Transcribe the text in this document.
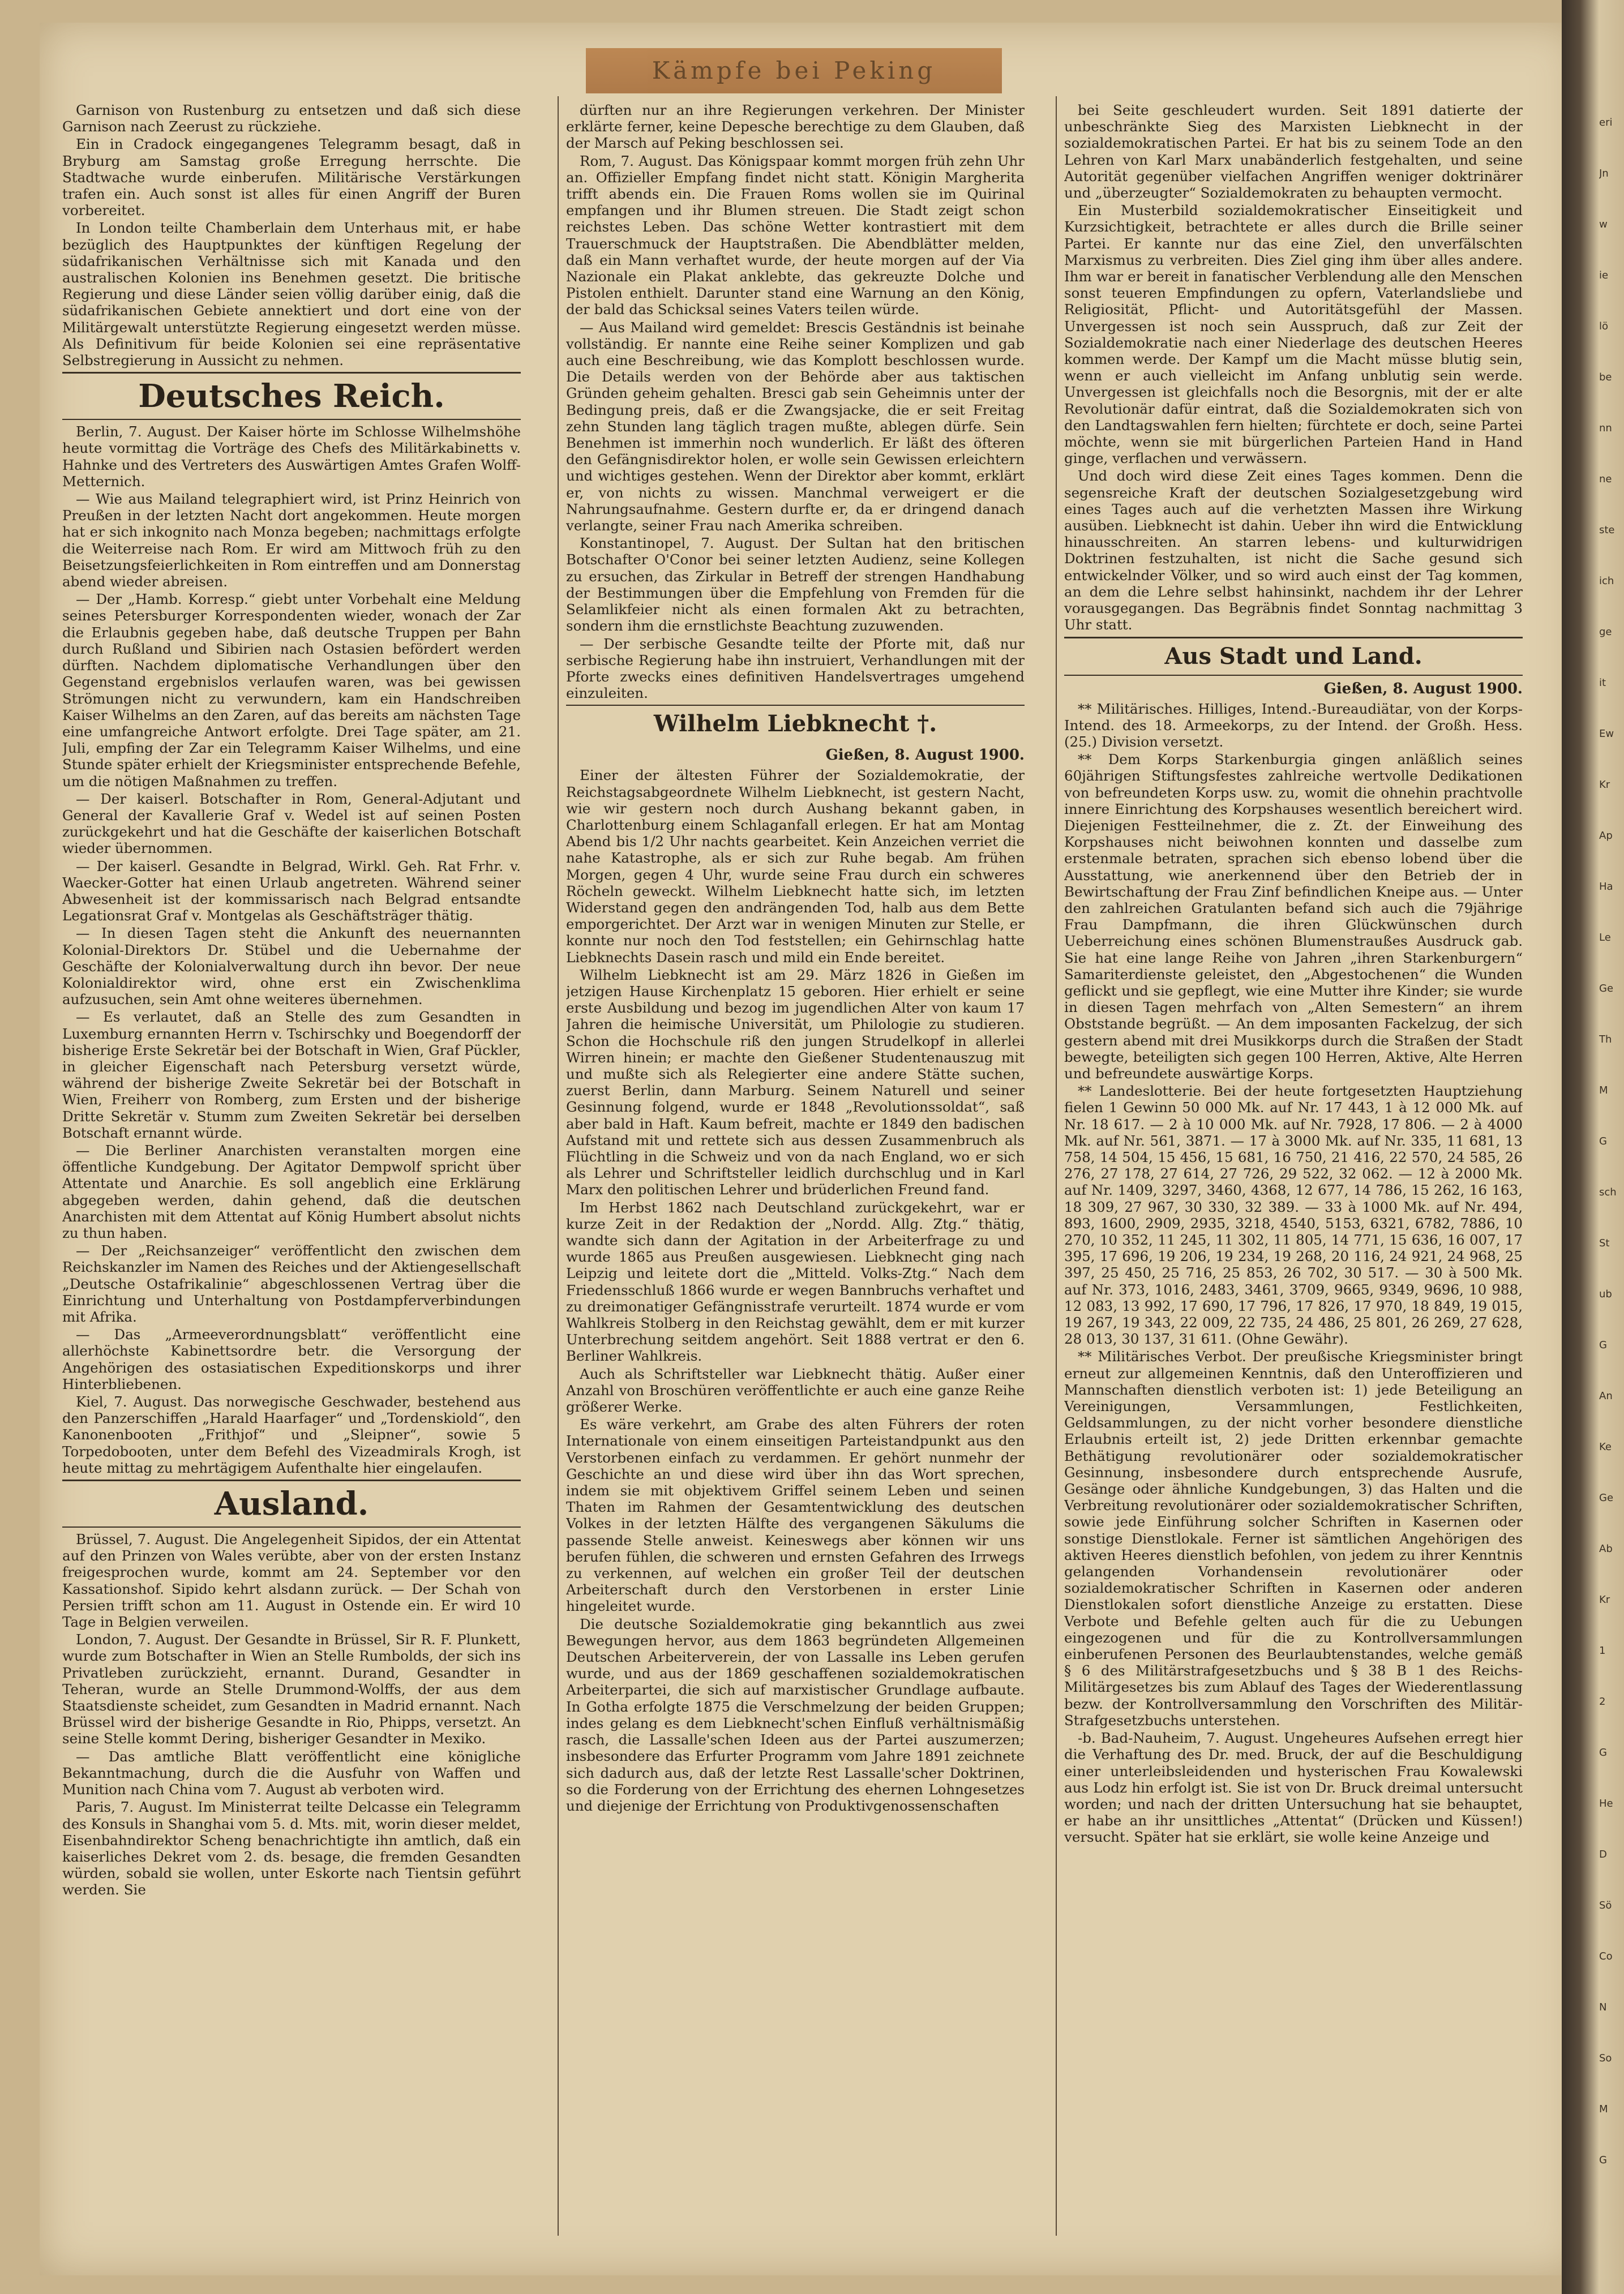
Kämpfe bei Peking

Garnison von Rustenburg zu entsetzen und daß sich diese Garnison nach Zeerust zu rückziehe.

Ein in Cradock eingegangenes Telegramm besagt, daß in Bryburg am Samstag große Erregung herrschte. Die Stadtwache wurde einberufen. Militärische Verstärkungen trafen ein. Auch sonst ist alles für einen Angriff der Buren vorbereitet.

In London teilte Chamberlain dem Unterhaus mit, er habe bezüglich des Hauptpunktes der künftigen Regelung der südafrikanischen Verhältnisse sich mit Kanada und den australischen Kolonien ins Benehmen gesetzt. Die britische Regierung und diese Länder seien völlig darüber einig, daß die südafrikanischen Gebiete annektiert und dort eine von der Militärgewalt unterstützte Regierung eingesetzt werden müsse. Als Definitivum für beide Kolonien sei eine repräsentative Selbstregierung in Aussicht zu nehmen.

Deutsches Reich.

Berlin, 7. August. Der Kaiser hörte im Schlosse Wilhelmshöhe heute vormittag die Vorträge des Chefs des Militärkabinetts v. Hahnke und des Vertreters des Auswärtigen Amtes Grafen Wolff-Metternich.

— Wie aus Mailand telegraphiert wird, ist Prinz Heinrich von Preußen in der letzten Nacht dort angekommen. Heute morgen hat er sich inkognito nach Monza begeben; nachmittags erfolgte die Weiterreise nach Rom. Er wird am Mittwoch früh zu den Beisetzungsfeierlichkeiten in Rom eintreffen und am Donnerstag abend wieder abreisen.

— Der „Hamb. Korresp.“ giebt unter Vorbehalt eine Meldung seines Petersburger Korrespondenten wieder, wonach der Zar die Erlaubnis gegeben habe, daß deutsche Truppen per Bahn durch Rußland und Sibirien nach Ostasien befördert werden dürften. Nachdem diplomatische Verhandlungen über den Gegenstand ergebnislos verlaufen waren, was bei gewissen Strömungen nicht zu verwundern, kam ein Handschreiben Kaiser Wilhelms an den Zaren, auf das bereits am nächsten Tage eine umfangreiche Antwort erfolgte. Drei Tage später, am 21. Juli, empfing der Zar ein Telegramm Kaiser Wilhelms, und eine Stunde später erhielt der Kriegsminister entsprechende Befehle, um die nötigen Maßnahmen zu treffen.

— Der kaiserl. Botschafter in Rom, General-Adjutant und General der Kavallerie Graf v. Wedel ist auf seinen Posten zurückgekehrt und hat die Geschäfte der kaiserlichen Botschaft wieder übernommen.

— Der kaiserl. Gesandte in Belgrad, Wirkl. Geh. Rat Frhr. v. Waecker-Gotter hat einen Urlaub angetreten. Während seiner Abwesenheit ist der kommissarisch nach Belgrad entsandte Legationsrat Graf v. Montgelas als Geschäftsträger thätig.

— In diesen Tagen steht die Ankunft des neuernannten Kolonial-Direktors Dr. Stübel und die Uebernahme der Geschäfte der Kolonialverwaltung durch ihn bevor. Der neue Kolonialdirektor wird, ohne erst ein Zwischenklima aufzusuchen, sein Amt ohne weiteres übernehmen.

— Es verlautet, daß an Stelle des zum Gesandten in Luxemburg ernannten Herrn v. Tschirschky und Boegendorff der bisherige Erste Sekretär bei der Botschaft in Wien, Graf Pückler, in gleicher Eigenschaft nach Petersburg versetzt würde, während der bisherige Zweite Sekretär bei der Botschaft in Wien, Freiherr von Romberg, zum Ersten und der bisherige Dritte Sekretär v. Stumm zum Zweiten Sekretär bei derselben Botschaft ernannt würde.

— Die Berliner Anarchisten veranstalten morgen eine öffentliche Kundgebung. Der Agitator Dempwolf spricht über Attentate und Anarchie. Es soll angeblich eine Erklärung abgegeben werden, dahin gehend, daß die deutschen Anarchisten mit dem Attentat auf König Humbert absolut nichts zu thun haben.

— Der „Reichsanzeiger“ veröffentlicht den zwischen dem Reichskanzler im Namen des Reiches und der Aktiengesellschaft „Deutsche Ostafrikalinie“ abgeschlossenen Vertrag über die Einrichtung und Unterhaltung von Postdampferverbindungen mit Afrika.

— Das „Armeeverordnungsblatt“ veröffentlicht eine allerhöchste Kabinettsordre betr. die Versorgung der Angehörigen des ostasiatischen Expeditionskorps und ihrer Hinterbliebenen.

Kiel, 7. August. Das norwegische Geschwader, bestehend aus den Panzerschiffen „Harald Haarfager“ und „Tordenskiold“, den Kanonenbooten „Frithjof“ und „Sleipner“, sowie 5 Torpedobooten, unter dem Befehl des Vizeadmirals Krogh, ist heute mittag zu mehrtägigem Aufenthalte hier eingelaufen.

Ausland.

Brüssel, 7. August. Die Angelegenheit Sipidos, der ein Attentat auf den Prinzen von Wales verübte, aber von der ersten Instanz freigesprochen wurde, kommt am 24. September vor den Kassationshof. Sipido kehrt alsdann zurück. — Der Schah von Persien trifft schon am 11. August in Ostende ein. Er wird 10 Tage in Belgien verweilen.

London, 7. August. Der Gesandte in Brüssel, Sir R. F. Plunkett, wurde zum Botschafter in Wien an Stelle Rumbolds, der sich ins Privatleben zurückzieht, ernannt. Durand, Gesandter in Teheran, wurde an Stelle Drummond-Wolffs, der aus dem Staatsdienste scheidet, zum Gesandten in Madrid ernannt. Nach Brüssel wird der bisherige Gesandte in Rio, Phipps, versetzt. An seine Stelle kommt Dering, bisheriger Gesandter in Mexiko.

— Das amtliche Blatt veröffentlicht eine königliche Bekanntmachung, durch die die Ausfuhr von Waffen und Munition nach China vom 7. August ab verboten wird.

Paris, 7. August. Im Ministerrat teilte Delcasse ein Telegramm des Konsuls in Shanghai vom 5. d. Mts. mit, worin dieser meldet, Eisenbahndirektor Scheng benachrichtigte ihn amtlich, daß ein kaiserliches Dekret vom 2. ds. besage, die fremden Gesandten würden, sobald sie wollen, unter Eskorte nach Tientsin geführt werden. Sie

dürften nur an ihre Regierungen verkehren. Der Minister erklärte ferner, keine Depesche berechtige zu dem Glauben, daß der Marsch auf Peking beschlossen sei.

Rom, 7. August. Das Königspaar kommt morgen früh zehn Uhr an. Offizieller Empfang findet nicht statt. Königin Margherita trifft abends ein. Die Frauen Roms wollen sie im Quirinal empfangen und ihr Blumen streuen. Die Stadt zeigt schon reichstes Leben. Das schöne Wetter kontrastiert mit dem Trauerschmuck der Hauptstraßen. Die Abendblätter melden, daß ein Mann verhaftet wurde, der heute morgen auf der Via Nazionale ein Plakat anklebte, das gekreuzte Dolche und Pistolen enthielt. Darunter stand eine Warnung an den König, der bald das Schicksal seines Vaters teilen würde.

— Aus Mailand wird gemeldet: Brescis Geständnis ist beinahe vollständig. Er nannte eine Reihe seiner Komplizen und gab auch eine Beschreibung, wie das Komplott beschlossen wurde. Die Details werden von der Behörde aber aus taktischen Gründen geheim gehalten. Bresci gab sein Geheimnis unter der Bedingung preis, daß er die Zwangsjacke, die er seit Freitag zehn Stunden lang täglich tragen mußte, ablegen dürfe. Sein Benehmen ist immerhin noch wunderlich. Er läßt des öfteren den Gefängnisdirektor holen, er wolle sein Gewissen erleichtern und wichtiges gestehen. Wenn der Direktor aber kommt, erklärt er, von nichts zu wissen. Manchmal verweigert er die Nahrungsaufnahme. Gestern durfte er, da er dringend danach verlangte, seiner Frau nach Amerika schreiben.

Konstantinopel, 7. August. Der Sultan hat den britischen Botschafter O'Conor bei seiner letzten Audienz, seine Kollegen zu ersuchen, das Zirkular in Betreff der strengen Handhabung der Bestimmungen über die Empfehlung von Fremden für die Selamlikfeier nicht als einen formalen Akt zu betrachten, sondern ihm die ernstlichste Beachtung zuzuwenden.

— Der serbische Gesandte teilte der Pforte mit, daß nur serbische Regierung habe ihn instruiert, Verhandlungen mit der Pforte zwecks eines definitiven Handelsvertrages umgehend einzuleiten.

Wilhelm Liebknecht †.
Gießen, 8. August 1900.

Einer der ältesten Führer der Sozialdemokratie, der Reichstagsabgeordnete Wilhelm Liebknecht, ist gestern Nacht, wie wir gestern noch durch Aushang bekannt gaben, in Charlottenburg einem Schlaganfall erlegen. Er hat am Montag Abend bis 1/2 Uhr nachts gearbeitet. Kein Anzeichen verriet die nahe Katastrophe, als er sich zur Ruhe begab. Am frühen Morgen, gegen 4 Uhr, wurde seine Frau durch ein schweres Röcheln geweckt. Wilhelm Liebknecht hatte sich, im letzten Widerstand gegen den andrängenden Tod, halb aus dem Bette emporgerichtet. Der Arzt war in wenigen Minuten zur Stelle, er konnte nur noch den Tod feststellen; ein Gehirnschlag hatte Liebknechts Dasein rasch und mild ein Ende bereitet.

Wilhelm Liebknecht ist am 29. März 1826 in Gießen im jetzigen Hause Kirchenplatz 15 geboren. Hier erhielt er seine erste Ausbildung und bezog im jugendlichen Alter von kaum 17 Jahren die heimische Universität, um Philologie zu studieren. Schon die Hochschule riß den jungen Strudelkopf in allerlei Wirren hinein; er machte den Gießener Studentenauszug mit und mußte sich als Relegierter eine andere Stätte suchen, zuerst Berlin, dann Marburg. Seinem Naturell und seiner Gesinnung folgend, wurde er 1848 „Revolutionssoldat“, saß aber bald in Haft. Kaum befreit, machte er 1849 den badischen Aufstand mit und rettete sich aus dessen Zusammenbruch als Flüchtling in die Schweiz und von da nach England, wo er sich als Lehrer und Schriftsteller leidlich durchschlug und in Karl Marx den politischen Lehrer und brüderlichen Freund fand.

Im Herbst 1862 nach Deutschland zurückgekehrt, war er kurze Zeit in der Redaktion der „Nordd. Allg. Ztg.“ thätig, wandte sich dann der Agitation in der Arbeiterfrage zu und wurde 1865 aus Preußen ausgewiesen. Liebknecht ging nach Leipzig und leitete dort die „Mitteld. Volks-Ztg.“ Nach dem Friedensschluß 1866 wurde er wegen Bannbruchs verhaftet und zu dreimonatiger Gefängnisstrafe verurteilt. 1874 wurde er vom Wahlkreis Stolberg in den Reichstag gewählt, dem er mit kurzer Unterbrechung seitdem angehört. Seit 1888 vertrat er den 6. Berliner Wahlkreis.

Auch als Schriftsteller war Liebknecht thätig. Außer einer Anzahl von Broschüren veröffentlichte er auch eine ganze Reihe größerer Werke.

Es wäre verkehrt, am Grabe des alten Führers der roten Internationale von einem einseitigen Parteistandpunkt aus den Verstorbenen einfach zu verdammen. Er gehört nunmehr der Geschichte an und diese wird über ihn das Wort sprechen, indem sie mit objektivem Griffel seinem Leben und seinen Thaten im Rahmen der Gesamtentwicklung des deutschen Volkes in der letzten Hälfte des vergangenen Säkulums die passende Stelle anweist. Keineswegs aber können wir uns berufen fühlen, die schweren und ernsten Gefahren des Irrwegs zu verkennen, auf welchen ein großer Teil der deutschen Arbeiterschaft durch den Verstorbenen in erster Linie hingeleitet wurde.

Die deutsche Sozialdemokratie ging bekanntlich aus zwei Bewegungen hervor, aus dem 1863 begründeten Allgemeinen Deutschen Arbeiterverein, der von Lassalle ins Leben gerufen wurde, und aus der 1869 geschaffenen sozialdemokratischen Arbeiterpartei, die sich auf marxistischer Grundlage aufbaute. In Gotha erfolgte 1875 die Verschmelzung der beiden Gruppen; indes gelang es dem Liebknecht'schen Einfluß verhältnismäßig rasch, die Lassalle'schen Ideen aus der Partei auszumerzen; insbesondere das Erfurter Programm vom Jahre 1891 zeichnete sich dadurch aus, daß der letzte Rest Lassalle'scher Doktrinen, so die Forderung von der Errichtung des ehernen Lohngesetzes und diejenige der Errichtung von Produktivgenossenschaften

bei Seite geschleudert wurden. Seit 1891 datierte der unbeschränkte Sieg des Marxisten Liebknecht in der sozialdemokratischen Partei. Er hat bis zu seinem Tode an den Lehren von Karl Marx unabänderlich festgehalten, und seine Autorität gegenüber vielfachen Angriffen weniger doktrinärer und „überzeugter“ Sozialdemokraten zu behaupten vermocht.

Ein Musterbild sozialdemokratischer Einseitigkeit und Kurzsichtigkeit, betrachtete er alles durch die Brille seiner Partei. Er kannte nur das eine Ziel, den unverfälschten Marxismus zu verbreiten. Dies Ziel ging ihm über alles andere. Ihm war er bereit in fanatischer Verblendung alle den Menschen sonst teueren Empfindungen zu opfern, Vaterlandsliebe und Religiosität, Pflicht- und Autoritätsgefühl der Massen. Unvergessen ist noch sein Ausspruch, daß zur Zeit der Sozialdemokratie nach einer Niederlage des deutschen Heeres kommen werde. Der Kampf um die Macht müsse blutig sein, wenn er auch vielleicht im Anfang unblutig sein werde. Unvergessen ist gleichfalls noch die Besorgnis, mit der er alte Revolutionär dafür eintrat, daß die Sozialdemokraten sich von den Landtagswahlen fern hielten; fürchtete er doch, seine Partei möchte, wenn sie mit bürgerlichen Parteien Hand in Hand ginge, verflachen und verwässern.

Und doch wird diese Zeit eines Tages kommen. Denn die segensreiche Kraft der deutschen Sozialgesetzgebung wird eines Tages auch auf die verhetzten Massen ihre Wirkung ausüben. Liebknecht ist dahin. Ueber ihn wird die Entwicklung hinausschreiten. An starren lebens- und kulturwidrigen Doktrinen festzuhalten, ist nicht die Sache gesund sich entwickelnder Völker, und so wird auch einst der Tag kommen, an dem die Lehre selbst hahinsinkt, nachdem ihr der Lehrer vorausgegangen. Das Begräbnis findet Sonntag nachmittag 3 Uhr statt.

Aus Stadt und Land.
Gießen, 8. August 1900.

** Militärisches. Hilliges, Intend.-Bureaudiätar, von der Korps-Intend. des 18. Armeekorps, zu der Intend. der Großh. Hess. (25.) Division versetzt.

** Dem Korps Starkenburgia gingen anläßlich seines 60jährigen Stiftungsfestes zahlreiche wertvolle Dedikationen von befreundeten Korps usw. zu, womit die ohnehin prachtvolle innere Einrichtung des Korpshauses wesentlich bereichert wird. Diejenigen Festteilnehmer, die z. Zt. der Einweihung des Korpshauses nicht beiwohnen konnten und dasselbe zum erstenmale betraten, sprachen sich ebenso lobend über die Ausstattung, wie anerkennend über den Betrieb der in Bewirtschaftung der Frau Zinf befindlichen Kneipe aus. — Unter den zahlreichen Gratulanten befand sich auch die 79jährige Frau Dampfmann, die ihren Glückwünschen durch Ueberreichung eines schönen Blumenstraußes Ausdruck gab. Sie hat eine lange Reihe von Jahren „ihren Starkenburgern“ Samariterdienste geleistet, den „Abgestochenen“ die Wunden geflickt und sie gepflegt, wie eine Mutter ihre Kinder; sie wurde in diesen Tagen mehrfach von „Alten Semestern“ an ihrem Obststande begrüßt. — An dem imposanten Fackelzug, der sich gestern abend mit drei Musikkorps durch die Straßen der Stadt bewegte, beteiligten sich gegen 100 Herren, Aktive, Alte Herren und befreundete auswärtige Korps.

** Landeslotterie. Bei der heute fortgesetzten Hauptziehung fielen 1 Gewinn 50 000 Mk. auf Nr. 17 443, 1 à 12 000 Mk. auf Nr. 18 617. — 2 à 10 000 Mk. auf Nr. 7928, 17 806. — 2 à 4000 Mk. auf Nr. 561, 3871. — 17 à 3000 Mk. auf Nr. 335, 11 681, 13 758, 14 504, 15 456, 15 681, 16 750, 21 416, 22 570, 24 585, 26 276, 27 178, 27 614, 27 726, 29 522, 32 062. — 12 à 2000 Mk. auf Nr. 1409, 3297, 3460, 4368, 12 677, 14 786, 15 262, 16 163, 18 309, 27 967, 30 330, 32 389. — 33 à 1000 Mk. auf Nr. 494, 893, 1600, 2909, 2935, 3218, 4540, 5153, 6321, 6782, 7886, 10 270, 10 352, 11 245, 11 302, 11 805, 14 771, 15 636, 16 007, 17 395, 17 696, 19 206, 19 234, 19 268, 20 116, 24 921, 24 968, 25 397, 25 450, 25 716, 25 853, 26 702, 30 517. — 30 à 500 Mk. auf Nr. 373, 1016, 2483, 3461, 3709, 9665, 9349, 9696, 10 988, 12 083, 13 992, 17 690, 17 796, 17 826, 17 970, 18 849, 19 015, 19 267, 19 343, 22 009, 22 735, 24 486, 25 801, 26 269, 27 628, 28 013, 30 137, 31 611. (Ohne Gewähr).

** Militärisches Verbot. Der preußische Kriegsminister bringt erneut zur allgemeinen Kenntnis, daß den Unteroffizieren und Mannschaften dienstlich verboten ist: 1) jede Beteiligung an Vereinigungen, Versammlungen, Festlichkeiten, Geldsammlungen, zu der nicht vorher besondere dienstliche Erlaubnis erteilt ist, 2) jede Dritten erkennbar gemachte Bethätigung revolutionärer oder sozialdemokratischer Gesinnung, insbesondere durch entsprechende Ausrufe, Gesänge oder ähnliche Kundgebungen, 3) das Halten und die Verbreitung revolutionärer oder sozialdemokratischer Schriften, sowie jede Einführung solcher Schriften in Kasernen oder sonstige Dienstlokale. Ferner ist sämtlichen Angehörigen des aktiven Heeres dienstlich befohlen, von jedem zu ihrer Kenntnis gelangenden Vorhandensein revolutionärer oder sozialdemokratischer Schriften in Kasernen oder anderen Dienstlokalen sofort dienstliche Anzeige zu erstatten. Diese Verbote und Befehle gelten auch für die zu Uebungen eingezogenen und für die zu Kontrollversammlungen einberufenen Personen des Beurlaubtenstandes, welche gemäß § 6 des Militärstrafgesetzbuchs und § 38 B 1 des Reichs-Militärgesetzes bis zum Ablauf des Tages der Wiederentlassung bezw. der Kontrollversammlung den Vorschriften des Militär-Strafgesetzbuchs unterstehen.

-b. Bad-Nauheim, 7. August. Ungeheures Aufsehen erregt hier die Verhaftung des Dr. med. Bruck, der auf die Beschuldigung einer unterleibsleidenden und hysterischen Frau Kowalewski aus Lodz hin erfolgt ist. Sie ist von Dr. Bruck dreimal untersucht worden; und nach der dritten Untersuchung hat sie behauptet, er habe an ihr unsittliches „Attentat“ (Drücken und Küssen!) versucht. Später hat sie erklärt, sie wolle keine Anzeige und

eri
Jn
w
ie
lö
be
nn
ne
ste
ich
ge
it
Ew
Kr
Ap
Ha
Le
Ge
Th
M
G
sch
St
ub
G
An
Ke
Ge
Ab
Kr
1
2
G
He
D
Sö
Co
N
So
M
G
